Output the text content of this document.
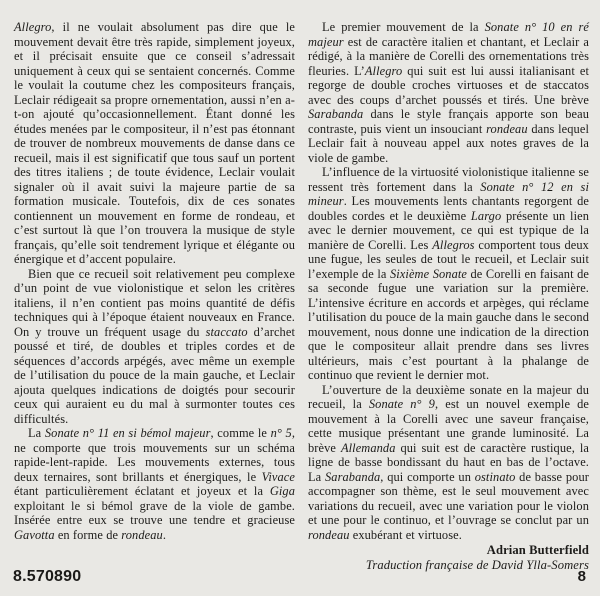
Allegro, il ne voulait absolument pas dire que le mouvement devait être très rapide, simplement joyeux, et il précisait ensuite que ce conseil s’adressait uniquement à ceux qui se sentaient concernés. Comme le voulait la coutume chez les compositeurs français, Leclair rédigeait sa propre ornementation, aussi n’en a-t-on ajouté qu’occasionnellement. Étant donné les études menées par le compositeur, il n’est pas étonnant de trouver de nombreux mouvements de danse dans ce recueil, mais il est significatif que tous sauf un portent des titres italiens ; de toute évidence, Leclair voulait signaler où il avait suivi la majeure partie de sa formation musicale. Toutefois, dix de ces sonates contiennent un mouvement en forme de rondeau, et c’est surtout là que l’on trouvera la musique de style français, qu’elle soit tendrement lyrique et élégante ou énergique et d’accent populaire.

Bien que ce recueil soit relativement peu complexe d’un point de vue violonistique et selon les critères italiens, il n’en contient pas moins quantité de défis techniques qui à l’époque étaient nouveaux en France. On y trouve un fréquent usage du staccato d’archet poussé et tiré, de doubles et triples cordes et de séquences d’accords arpégés, avec même un exemple de l’utilisation du pouce de la main gauche, et Leclair ajouta quelques indications de doigtés pour secourir ceux qui auraient eu du mal à surmonter toutes ces difficultés.

La Sonate n° 11 en si bémol majeur, comme le n° 5, ne comporte que trois mouvements sur un schéma rapide-lent-rapide. Les mouvements externes, tous deux ternaires, sont brillants et énergiques, le Vivace étant particulièrement éclatant et joyeux et la Giga exploitant le si bémol grave de la viole de gambe. Insérée entre eux se trouve une tendre et gracieuse Gavotta en forme de rondeau.

Le premier mouvement de la Sonate n° 10 en ré majeur est de caractère italien et chantant, et Leclair a rédigé, à la manière de Corelli des ornementations très fleuries. L’Allegro qui suit est lui aussi italianisant et regorge de double croches virtuoses et de staccatos avec des coups d’archet poussés et tirés. Une brève Sarabanda dans le style français apporte son beau contraste, puis vient un insouciant rondeau dans lequel Leclair fait à nouveau appel aux notes graves de la viole de gambe.

L’influence de la virtuosité violonistique italienne se ressent très fortement dans la Sonate n° 12 en si mineur. Les mouvements lents chantants regorgent de doubles cordes et le deuxième Largo présente un lien avec le dernier mouvement, ce qui est typique de la manière de Corelli. Les Allegros comportent tous deux une fugue, les seules de tout le recueil, et Leclair suit l’exemple de la Sixième Sonate de Corelli en faisant de sa seconde fugue une variation sur la première. L’intensive écriture en accords et arpèges, qui réclame l’utilisation du pouce de la main gauche dans le second mouvement, nous donne une indication de la direction que le compositeur allait prendre dans ses livres ultérieurs, mais c’est pourtant à la phalange de continuo que revient le dernier mot.

L’ouverture de la deuxième sonate en la majeur du recueil, la Sonate n° 9, est un nouvel exemple de mouvement à la Corelli avec une saveur française, cette musique présentant une grande luminosité. La brève Allemanda qui suit est de caractère rustique, la ligne de basse bondissant du haut en bas de l’octave. La Sarabanda, qui comporte un ostinato de basse pour accompagner son thème, est le seul mouvement avec variations du recueil, avec une variation pour le violon et une pour le continuo, et l’ouvrage se conclut par un rondeau exubérant et virtuose.

Adrian Butterfield
Traduction française de David Ylla-Somers
8.570890	8
